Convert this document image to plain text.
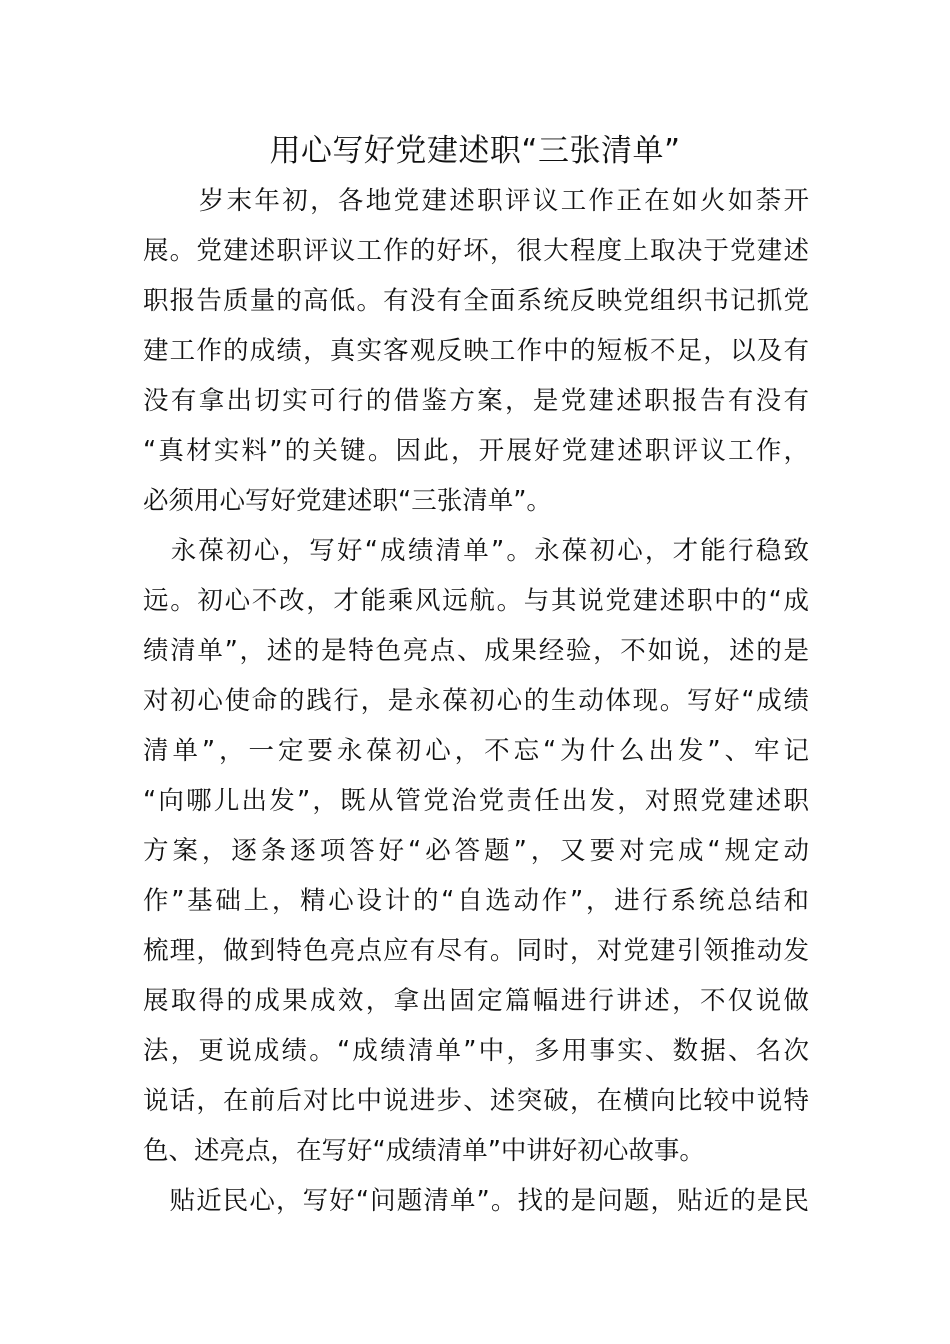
用心写好党建述职“三张清单”

　　岁末年初，各地党建述职评议工作正在如火如荼开

展。党建述职评议工作的好坏，很大程度上取决于党建述

职报告质量的高低。有没有全面系统反映党组织书记抓党

建工作的成绩，真实客观反映工作中的短板不足，以及有

没有拿出切实可行的借鉴方案，是党建述职报告有没有

“真材实料”的关键。因此，开展好党建述职评议工作，

必须用心写好党建述职“三张清单”。

　永葆初心，写好“成绩清单”。永葆初心，才能行稳致

远。初心不改，才能乘风远航。与其说党建述职中的“成

绩清单”，述的是特色亮点、成果经验，不如说，述的是

对初心使命的践行，是永葆初心的生动体现。写好“成绩

清单”，一定要永葆初心，不忘“为什么出发”、牢记

“向哪儿出发”，既从管党治党责任出发，对照党建述职

方案，逐条逐项答好“必答题”，又要对完成“规定动

作”基础上，精心设计的“自选动作”，进行系统总结和

梳理，做到特色亮点应有尽有。同时，对党建引领推动发

展取得的成果成效，拿出固定篇幅进行讲述，不仅说做

法，更说成绩。“成绩清单”中，多用事实、数据、名次

说话，在前后对比中说进步、述突破，在横向比较中说特

色、述亮点，在写好“成绩清单”中讲好初心故事。

　贴近民心，写好“问题清单”。找的是问题，贴近的是民
